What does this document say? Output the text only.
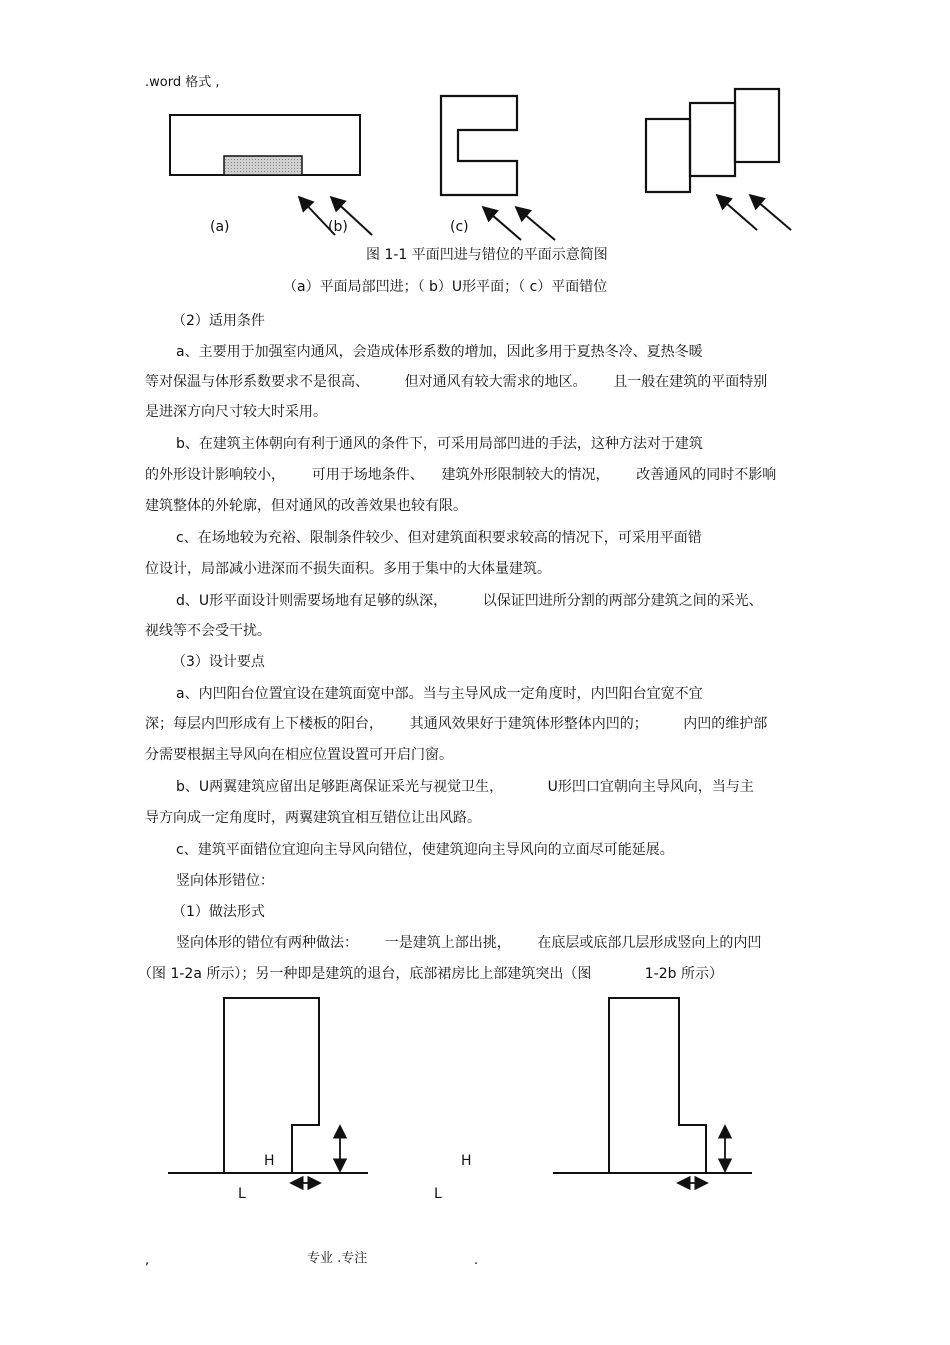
.word 格式 ,
(a)	(b)	(c)
图 1-1 平面凹进与错位的平面示意简图
（a）平面局部凹进；（ b）U形平面；（ c）平面错位
（2）适用条件
a、主要用于加强室内通风，会造成体形系数的增加，因此多用于夏热冬冷、夏热冬暖
等对保温与体形系数要求不是很高、        但对通风有较大需求的地区。      且一般在建筑的平面特别
是进深方向尺寸较大时采用。
b、在建筑主体朝向有利于通风的条件下，可采用局部凹进的手法，这种方法对于建筑
的外形设计影响较小，      可用于场地条件、    建筑外形限制较大的情况，      改善通风的同时不影响
建筑整体的外轮廓，但对通风的改善效果也较有限。
c、在场地较为充裕、限制条件较少、但对建筑面积要求较高的情况下，可采用平面错
位设计，局部减小进深而不损失面积。多用于集中的大体量建筑。
d、U形平面设计则需要场地有足够的纵深，        以保证凹进所分割的两部分建筑之间的采光、
视线等不会受干扰。
（3）设计要点
a、内凹阳台位置宜设在建筑面宽中部。当与主导风成一定角度时，内凹阳台宜宽不宜
深；每层内凹形成有上下楼板的阳台，      其通风效果好于建筑体形整体内凹的；        内凹的维护部
分需要根据主导风向在相应位置设置可开启门窗。
b、U两翼建筑应留出足够距离保证采光与视觉卫生，          U形凹口宜朝向主导风向，当与主
导方向成一定角度时，两翼建筑宜相互错位让出风路。
c、建筑平面错位宜迎向主导风向错位，使建筑迎向主导风向的立面尽可能延展。
竖向体形错位：
（1）做法形式
竖向体形的错位有两种做法：      一是建筑上部出挑，      在底层或底部几层形成竖向上的内凹
（图 1-2a 所示）；另一种即是建筑的退台，底部裙房比上部建筑突出（图            1-2b 所示）
H
L
H
L
,	专业 .专注	.
